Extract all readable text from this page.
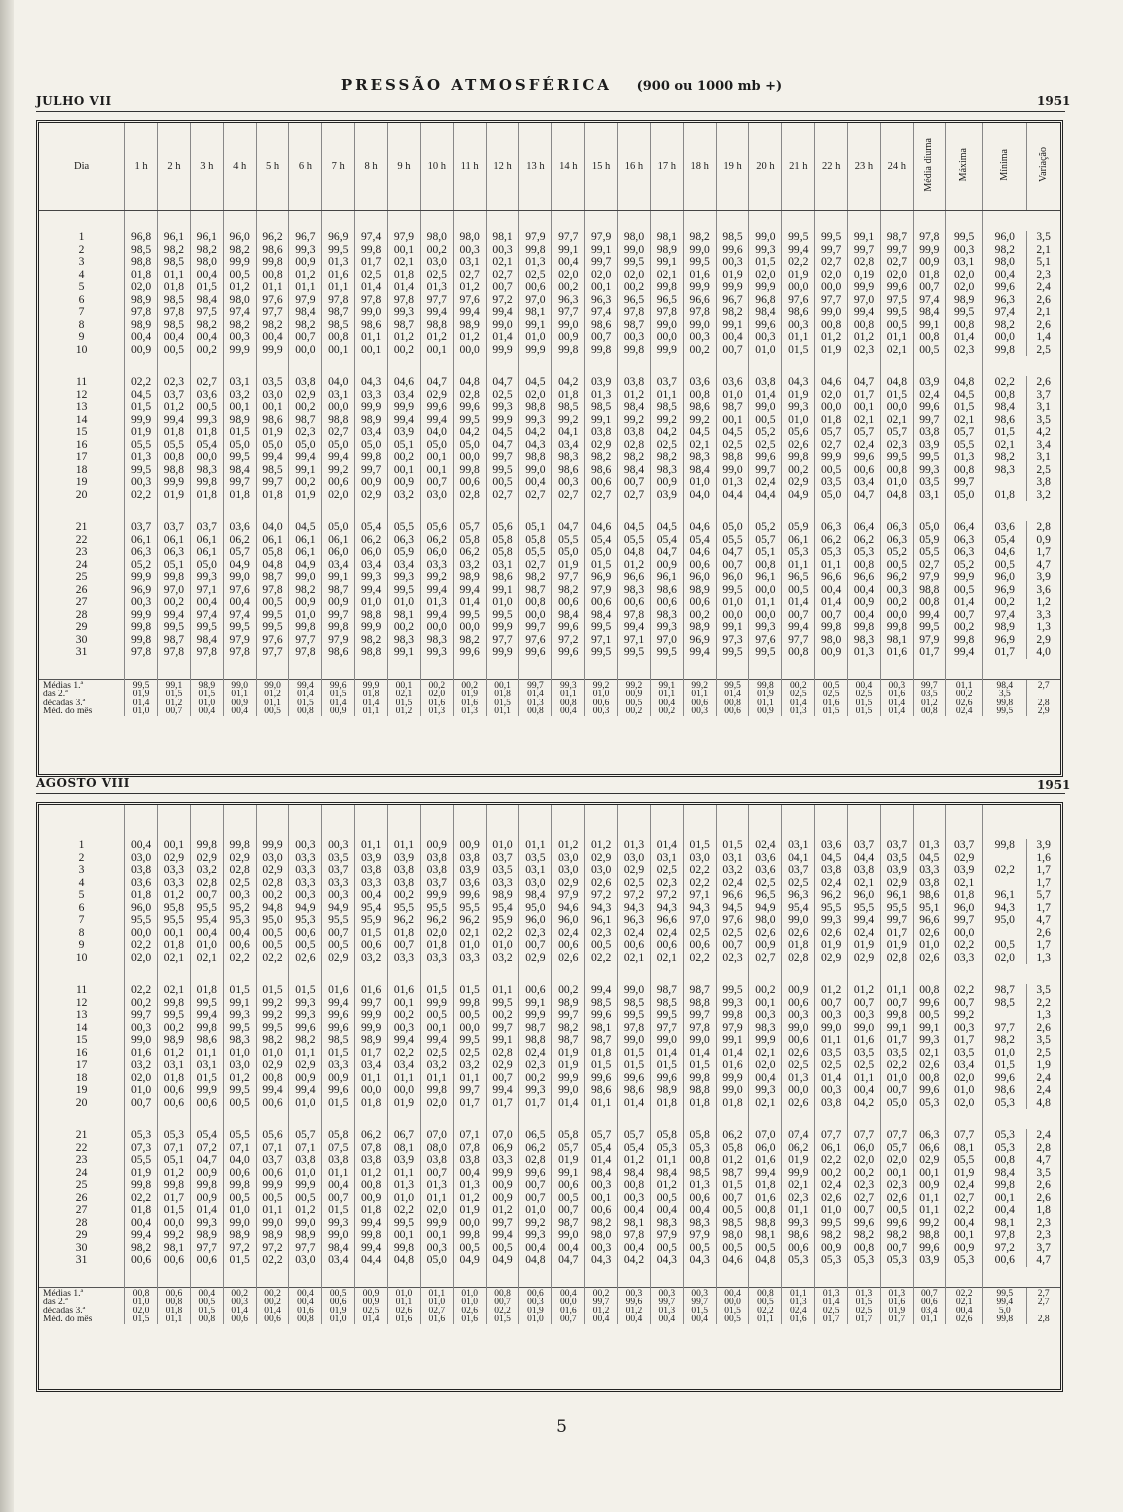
PRESSÃO ATMOSFÉRICA (900 ou 1000 mb +)
JULHO VII	1951
Dia	1 h	2 h	3 h	4 h	5 h	6 h	7 h	8 h	9 h	10 h	11 h	12 h	13 h	14 h	15 h	16 h	17 h	18 h	19 h	20 h	21 h	22 h	23 h	24 h	Média diurna	Máxima	Mínima	Variação

1	96,8	96,1	96,1	96,0	96,2	96,7	96,9	97,4	97,9	98,0	98,0	98,1	97,9	97,7	97,9	98,0	98,1	98,2	98,5	99,0	99,5	99,5	99,1	98,7	97,8	99,5	96,0	3,5
2	98,5	98,2	98,2	98,2	98,6	99,3	99,5	99,8	00,1	00,2	00,3	00,3	99,8	99,1	99,1	99,0	98,9	99,0	99,6	99,3	99,4	99,7	99,7	99,7	99,9	00,3	98,2	2,1
3	98,8	98,5	98,0	99,9	99,8	00,9	01,3	01,7	02,1	03,0	03,1	02,1	01,3	00,4	99,7	99,5	99,1	99,5	00,3	01,5	02,2	02,7	02,8	02,7	00,9	03,1	98,0	5,1
4	01,8	01,1	00,4	00,5	00,8	01,2	01,6	02,5	01,8	02,5	02,7	02,7	02,5	02,0	02,0	02,0	02,1	01,6	01,9	02,0	01,9	02,0	0,19	02,0	01,8	02,0	00,4	2,3
5	02,0	01,8	01,5	01,2	01,1	01,1	01,1	01,4	01,4	01,3	01,2	00,7	00,6	00,2	00,1	00,2	99,8	99,9	99,9	99,9	00,0	00,0	99,9	99,6	00,7	02,0	99,6	2,4
6	98,9	98,5	98,4	98,0	97,6	97,9	97,8	97,8	97,8	97,7	97,6	97,2	97,0	96,3	96,3	96,5	96,5	96,6	96,7	96,8	97,6	97,7	97,0	97,5	97,4	98,9	96,3	2,6
7	97,8	97,8	97,5	97,4	97,7	98,4	98,7	99,0	99,3	99,4	99,4	99,4	98,1	97,7	97,4	97,8	97,8	97,8	98,2	98,4	98,6	99,0	99,4	99,5	98,4	99,5	97,4	2,1
8	98,9	98,5	98,2	98,2	98,2	98,2	98,5	98,6	98,7	98,8	98,9	99,0	99,1	99,0	98,6	98,7	99,0	99,0	99,1	99,6	00,3	00,8	00,8	00,5	99,1	00,8	98,2	2,6
9	00,4	00,4	00,4	00,3	00,4	00,7	00,8	01,1	01,2	01,2	01,2	01,4	01,0	00,9	00,7	00,3	00,0	00,3	00,4	00,3	01,1	01,2	01,2	01,1	00,8	01,4	00,0	1,4
10	00,9	00,5	00,2	99,9	99,9	00,0	00,1	00,1	00,2	00,1	00,0	99,9	99,9	99,8	99,8	99,8	99,9	00,2	00,7	01,0	01,5	01,9	02,3	02,1	00,5	02,3	99,8	2,5

11	02,2	02,3	02,7	03,1	03,5	03,8	04,0	04,3	04,6	04,7	04,8	04,7	04,5	04,2	03,9	03,8	03,7	03,6	03,6	03,8	04,3	04,6	04,7	04,8	03,9	04,8	02,2	2,6
12	04,5	03,7	03,6	03,2	03,0	02,9	03,1	03,3	03,4	02,9	02,8	02,5	02,0	01,8	01,3	01,2	01,1	00,8	01,0	01,4	01,9	02,0	01,7	01,5	02,4	04,5	00,8	3,7
13	01,5	01,2	00,5	00,1	00,1	00,2	00,0	99,9	99,9	99,6	99,6	99,3	98,8	98,5	98,5	98,4	98,5	98,6	98,7	99,0	99,3	00,0	00,1	00,0	99,6	01,5	98,4	3,1
14	99,9	99,4	99,3	98,9	98,6	98,7	98,8	98,9	99,4	99,4	99,5	99,9	99,3	99,2	99,1	99,2	99,2	99,2	00,1	00,5	01,0	01,8	02,1	02,1	99,7	02,1	98,6	3,5
15	01,9	01,8	01,8	01,5	01,9	02,3	02,7	03,4	03,9	04,0	04,2	04,5	04,2	04,1	03,8	03,8	04,2	04,5	04,5	05,2	05,6	05,7	05,7	05,7	03,8	05,7	01,5	4,2
16	05,5	05,5	05,4	05,0	05,0	05,0	05,0	05,0	05,1	05,0	05,0	04,7	04,3	03,4	02,9	02,8	02,5	02,1	02,5	02,5	02,6	02,7	02,4	02,3	03,9	05,5	02,1	3,4
17	01,3	00,8	00,0	99,5	99,4	99,4	99,4	99,8	00,2	00,1	00,0	99,7	98,8	98,3	98,2	98,2	98,2	98,3	98,8	99,6	99,8	99,9	99,6	99,5	99,5	01,3	98,2	3,1
18	99,5	98,8	98,3	98,4	98,5	99,1	99,2	99,7	00,1	00,1	99,8	99,5	99,0	98,6	98,6	98,4	98,3	98,4	99,0	99,7	00,2	00,5	00,6	00,8	99,3	00,8	98,3	2,5
19	00,3	99,9	99,8	99,7	99,7	00,2	00,6	00,9	00,9	00,7	00,6	00,5	00,4	00,3	00,6	00,7	00,9	01,0	01,3	02,4	02,9	03,5	03,4	01,0	03,5	99,7		3,8
20	02,2	01,9	01,8	01,8	01,8	01,9	02,0	02,9	03,2	03,0	02,8	02,7	02,7	02,7	02,7	02,7	03,9	04,0	04,4	04,4	04,9	05,0	04,7	04,8	03,1	05,0	01,8	3,2

21	03,7	03,7	03,7	03,6	04,0	04,5	05,0	05,4	05,5	05,6	05,7	05,6	05,1	04,7	04,6	04,5	04,5	04,6	05,0	05,2	05,9	06,3	06,4	06,3	05,0	06,4	03,6	2,8
22	06,1	06,1	06,1	06,2	06,1	06,1	06,1	06,2	06,3	06,2	05,8	05,8	05,8	05,5	05,4	05,5	05,4	05,4	05,5	05,7	06,1	06,2	06,2	06,3	05,9	06,3	05,4	0,9
23	06,3	06,3	06,1	05,7	05,8	06,1	06,0	06,0	05,9	06,0	06,2	05,8	05,5	05,0	05,0	04,8	04,7	04,6	04,7	05,1	05,3	05,3	05,3	05,2	05,5	06,3	04,6	1,7
24	05,2	05,1	05,0	04,9	04,8	04,9	03,4	03,4	03,4	03,3	03,2	03,1	02,7	01,9	01,5	01,2	00,9	00,6	00,7	00,8	01,1	01,1	00,8	00,5	02,7	05,2	00,5	4,7
25	99,9	99,8	99,3	99,0	98,7	99,0	99,1	99,3	99,3	99,2	98,9	98,6	98,2	97,7	96,9	96,6	96,1	96,0	96,0	96,1	96,5	96,6	96,6	96,2	97,9	99,9	96,0	3,9
26	96,9	97,0	97,1	97,6	97,8	98,2	98,7	99,4	99,5	99,4	99,4	99,1	98,7	98,2	97,9	98,3	98,6	98,9	99,5	00,0	00,5	00,4	00,4	00,3	98,8	00,5	96,9	3,6
27	00,3	00,2	00,4	00,4	00,5	00,9	00,9	01,0	01,0	01,3	01,4	01,0	00,8	00,6	00,6	00,6	00,6	00,6	01,0	01,1	01,4	01,4	00,9	00,2	00,8	01,4	00,2	1,2
28	99,9	99,4	97,4	97,4	99,5	01,0	99,7	98,8	98,1	99,4	99,5	99,5	00,0	98,4	98,4	97,8	98,3	00,2	00,0	00,0	00,7	00,7	00,4	00,0	99,4	00,7	97,4	3,3
29	99,8	99,5	99,5	99,5	99,5	99,8	99,8	99,9	00,2	00,0	00,0	99,9	99,7	99,6	99,5	99,4	99,3	98,9	99,1	99,3	99,4	99,8	99,8	99,8	99,5	00,2	98,9	1,3
30	99,8	98,7	98,4	97,9	97,6	97,7	97,9	98,2	98,3	98,3	98,2	97,7	97,6	97,2	97,1	97,1	97,0	96,9	97,3	97,6	97,7	98,0	98,3	98,1	97,9	99,8	96,9	2,9
31	97,8	97,8	97,8	97,8	97,7	97,8	98,6	98,8	99,1	99,3	99,6	99,9	99,6	99,6	99,5	99,5	99,5	99,4	99,5	99,5	00,8	00,9	01,3	01,6	01,7	99,4	01,7	4,0

Médias 1.ª	99,5	99,1	98,9	99,0	99,0	99,4	99,6	99,9	00,1	00,2	00,2	00,1	99,7	99,3	99,2	99,2	99,1	99,2	99,5	99,8	00,2	00,5	00,4	00,3	99,7	01,1	98,4	2,7
das 2.ª	01,9	01,5	01,5	01,1	01,2	01,4	01,5	01,8	02,1	02,0	01,9	01,8	01,4	01,1	01,0	00,9	01,1	01,1	01,4	01,9	02,5	02,5	02,5	01,6	03,5	00,2	3,5	
décadas 3.ª	01,4	01,2	01,0	00,9	01,1	01,5	01,4	01,4	01,5	01,6	01,6	01,5	01,3	00,8	00,6	00,5	00,4	00,6	00,8	01,1	01,4	01,6	01,5	01,4	01,2	02,6	99,8	2,8
Méd. do mês	01,0	00,7	00,4	00,4	00,5	00,8	00,9	01,1	01,2	01,3	01,3	01,1	00,8	00,4	00,3	00,2	00,2	00,3	00,6	00,9	01,3	01,5	01,5	01,4	00,8	02,4	99,5	2,9
AGOSTO VIII	1951

1	00,4	00,1	99,8	99,8	99,9	00,3	00,3	01,1	01,1	00,9	00,9	01,0	01,1	01,2	01,2	01,3	01,4	01,5	01,5	02,4	03,1	03,6	03,7	03,7	01,3	03,7	99,8	3,9
2	03,0	02,9	02,9	02,9	03,0	03,3	03,5	03,9	03,9	03,8	03,8	03,7	03,5	03,0	02,9	03,0	03,1	03,0	03,1	03,6	04,1	04,5	04,4	03,5	04,5	02,9		1,6
3	03,8	03,3	03,2	02,8	02,9	03,3	03,7	03,8	03,8	03,8	03,9	03,5	03,1	03,0	03,0	02,9	02,5	02,2	03,2	03,6	03,7	03,8	03,8	03,9	03,3	03,9	02,2	1,7
4	03,6	03,3	02,8	02,5	02,8	03,3	03,3	03,3	03,8	03,7	03,6	03,3	03,0	02,9	02,6	02,5	02,3	02,2	02,4	02,5	02,5	02,4	02,1	02,9	03,8	02,1		1,7
5	01,8	01,2	00,7	00,3	00,2	00,3	00,3	00,4	00,2	99,9	99,6	98,9	98,4	97,9	97,2	97,2	97,2	97,1	96,6	96,5	96,3	96,2	96,0	96,1	98,6	01,8	96,1	5,7
6	96,0	95,8	95,5	95,2	94,8	94,9	94,9	95,4	95,5	95,5	95,5	95,4	95,0	94,6	94,3	94,3	94,3	94,3	94,5	94,9	95,4	95,5	95,5	95,5	95,1	96,0	94,3	1,7
7	95,5	95,5	95,4	95,3	95,0	95,3	95,5	95,9	96,2	96,2	96,2	95,9	96,0	96,0	96,1	96,3	96,6	97,0	97,6	98,0	99,0	99,3	99,4	99,7	96,6	99,7	95,0	4,7
8	00,0	00,1	00,4	00,4	00,5	00,6	00,7	01,5	01,8	02,0	02,1	02,2	02,3	02,4	02,3	02,4	02,4	02,5	02,5	02,6	02,6	02,6	02,4	01,7	02,6	00,0		2,6
9	02,2	01,8	01,0	00,6	00,5	00,5	00,5	00,6	00,7	01,8	01,0	01,0	00,7	00,6	00,5	00,6	00,6	00,6	00,7	00,9	01,8	01,9	01,9	01,9	01,0	02,2	00,5	1,7
10	02,0	02,1	02,1	02,2	02,2	02,6	02,9	03,2	03,3	03,3	03,3	03,2	02,9	02,6	02,2	02,1	02,1	02,2	02,3	02,7	02,8	02,9	02,9	02,8	02,6	03,3	02,0	1,3

11	02,2	02,1	01,8	01,5	01,5	01,5	01,6	01,6	01,6	01,5	01,5	01,1	00,6	00,2	99,4	99,0	98,7	98,7	99,5	00,2	00,9	01,2	01,2	01,1	00,8	02,2	98,7	3,5
12	00,2	99,8	99,5	99,1	99,2	99,3	99,4	99,7	00,1	99,9	99,8	99,5	99,1	98,9	98,5	98,5	98,5	98,8	99,3	00,1	00,6	00,7	00,7	00,7	99,6	00,7	98,5	2,2
13	99,7	99,5	99,4	99,3	99,2	99,3	99,6	99,9	00,2	00,5	00,5	00,2	99,9	99,7	99,6	99,5	99,5	99,7	99,8	00,3	00,3	00,3	00,3	99,8	00,5	99,2		1,3
14	00,3	00,2	99,8	99,5	99,5	99,6	99,6	99,9	00,3	00,1	00,0	99,7	98,7	98,2	98,1	97,8	97,7	97,8	97,9	98,3	99,0	99,0	99,0	99,1	99,1	00,3	97,7	2,6
15	99,0	98,9	98,6	98,3	98,2	98,2	98,5	98,9	99,4	99,4	99,5	99,1	98,8	98,7	98,7	99,0	99,0	99,0	99,1	99,9	00,6	01,1	01,6	01,7	99,3	01,7	98,2	3,5
16	01,6	01,2	01,1	01,0	01,0	01,1	01,5	01,7	02,2	02,5	02,5	02,8	02,4	01,9	01,8	01,5	01,4	01,4	01,4	02,1	02,6	03,5	03,5	03,5	02,1	03,5	01,0	2,5
17	03,2	03,1	03,1	03,0	02,9	02,9	03,3	03,4	03,4	03,2	03,2	02,9	02,3	01,9	01,5	01,5	01,5	01,5	01,6	02,0	02,5	02,5	02,5	02,2	02,6	03,4	01,5	1,9
18	02,0	01,8	01,5	01,2	00,8	00,9	00,9	01,1	01,1	01,1	01,1	00,7	00,2	99,9	99,6	99,6	99,6	99,8	99,9	00,4	01,3	01,4	01,1	01,0	00,8	02,0	99,6	2,4
19	01,0	00,6	99,9	99,5	99,4	99,4	99,6	00,0	00,0	99,8	99,7	99,4	99,3	99,0	98,6	98,6	98,9	98,8	99,0	99,3	00,0	00,3	00,4	00,7	99,6	01,0	98,6	2,4
20	00,7	00,6	00,6	00,5	00,6	01,0	01,5	01,8	01,9	02,0	01,7	01,7	01,7	01,4	01,1	01,4	01,8	01,8	01,8	02,1	02,6	03,8	04,2	05,0	05,3	02,0	05,3	4,8

21	05,3	05,3	05,4	05,5	05,6	05,7	05,8	06,2	06,7	07,0	07,1	07,0	06,5	05,8	05,7	05,7	05,8	05,8	06,2	07,0	07,4	07,7	07,7	07,7	06,3	07,7	05,3	2,4
22	07,3	07,1	07,2	07,1	07,1	07,1	07,5	07,8	08,1	08,0	07,8	06,9	06,2	05,7	05,4	05,4	05,3	05,3	05,8	06,0	06,2	06,1	06,0	05,7	06,6	08,1	05,3	2,8
23	05,5	05,1	04,7	04,0	03,7	03,8	03,8	03,8	03,9	03,8	03,8	03,3	02,8	01,9	01,4	01,2	01,1	00,8	01,2	01,6	01,9	02,2	02,0	02,0	02,9	05,5	00,8	4,7
24	01,9	01,2	00,9	00,6	00,6	01,0	01,1	01,2	01,1	00,7	00,4	99,9	99,6	99,1	98,4	98,4	98,4	98,5	98,7	99,4	99,9	00,2	00,2	00,1	00,1	01,9	98,4	3,5
25	99,8	99,8	99,8	99,8	99,9	99,9	00,4	00,8	01,3	01,3	01,3	00,9	00,7	00,6	00,3	00,8	01,2	01,3	01,5	01,8	02,1	02,4	02,3	02,3	00,9	02,4	99,8	2,6
26	02,2	01,7	00,9	00,5	00,5	00,5	00,7	00,9	01,0	01,1	01,2	00,9	00,7	00,5	00,1	00,3	00,5	00,6	00,7	01,6	02,3	02,6	02,7	02,6	01,1	02,7	00,1	2,6
27	01,8	01,5	01,4	01,0	01,1	01,2	01,5	01,8	02,2	02,0	01,9	01,2	01,0	00,7	00,6	00,4	00,4	00,4	00,5	00,8	01,1	01,0	00,7	00,5	01,1	02,2	00,4	1,8
28	00,4	00,0	99,3	99,0	99,0	99,0	99,3	99,4	99,5	99,9	00,0	99,7	99,2	98,7	98,2	98,1	98,3	98,3	98,5	98,8	99,3	99,5	99,6	99,6	99,2	00,4	98,1	2,3
29	99,4	99,2	98,9	98,9	98,9	98,9	99,0	99,8	00,1	00,1	99,8	99,4	99,3	99,0	98,0	97,8	97,9	97,9	98,0	98,1	98,6	98,2	98,2	98,2	98,8	00,1	97,8	2,3
30	98,2	98,1	97,7	97,2	97,2	97,7	98,4	99,4	99,8	00,3	00,5	00,5	00,4	00,4	00,3	00,4	00,5	00,5	00,5	00,5	00,6	00,9	00,8	00,7	99,6	00,9	97,2	3,7
31	00,6	00,6	00,6	01,5	02,2	03,0	03,4	04,4	04,8	05,0	04,9	04,9	04,8	04,7	04,3	04,2	04,3	04,3	04,6	04,8	05,3	05,3	05,3	05,3	03,9	05,3	00,6	4,7

Médias 1.ª	00,8	00,6	00,4	00,2	00,2	00,4	00,5	00,9	01,0	01,1	01,0	00,8	00,6	00,4	00,2	00,3	00,3	00,3	00,4	00,8	01,1	01,3	01,3	01,3	00,7	02,2	99,5	2,7
das 2.ª	01,0	00,8	00,5	00,3	00,2	00,4	00,6	00,9	01,1	01,0	01,0	00,7	00,3	00,0	99,7	99,6	99,7	99,7	00,0	00,5	01,3	01,4	01,5	01,6	00,6	02,1	99,4	2,7
décadas 3.ª	02,0	01,8	01,5	01,4	01,4	01,6	01,9	02,5	02,6	02,7	02,6	02,2	01,9	01,6	01,2	01,2	01,3	01,5	01,5	02,2	02,4	02,5	02,5	01,9	03,4	00,4	5,0	
Méd. do mês	01,5	01,1	00,8	00,6	00,6	00,8	01,0	01,4	01,6	01,6	01,6	01,5	01,0	00,7	00,4	00,4	00,4	00,4	00,5	01,1	01,6	01,7	01,7	01,7	01,1	02,6	99,8	2,8
5
